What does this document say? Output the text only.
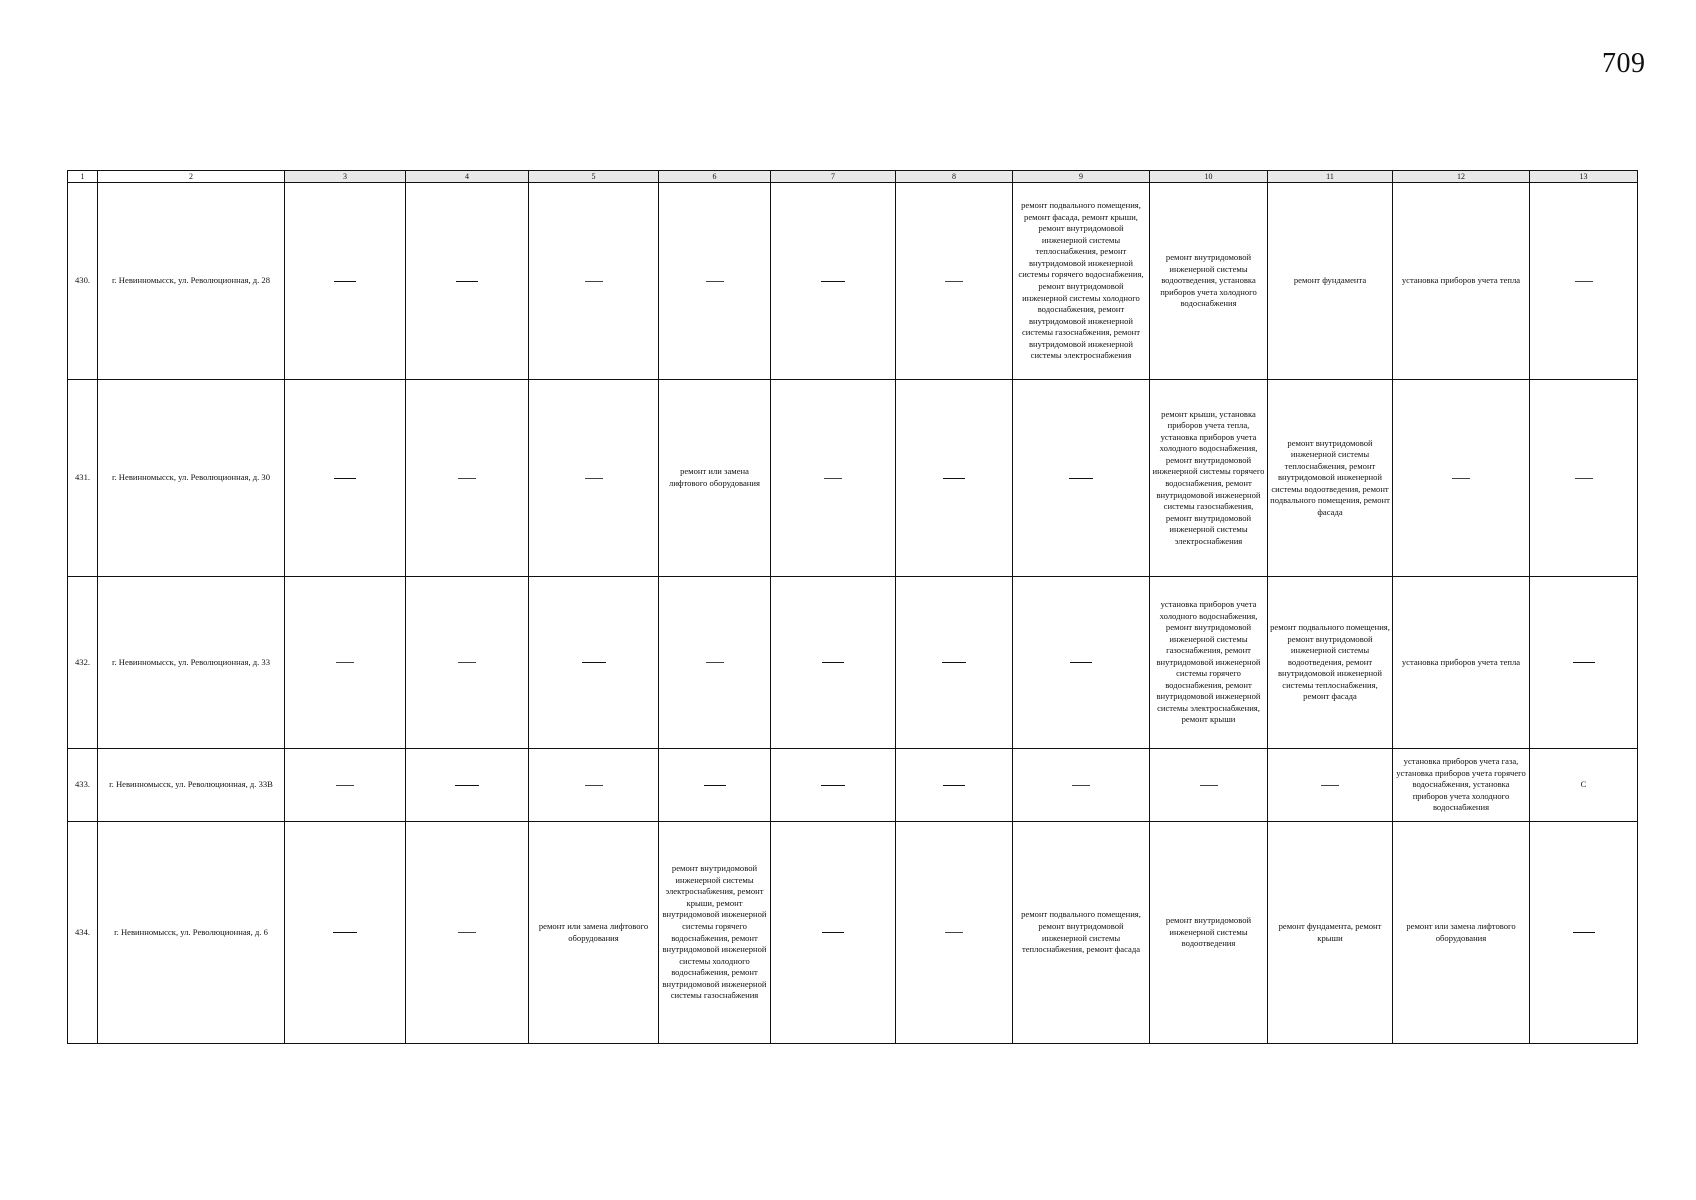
709
1	2	3	4	5	6	7	8	9	10	11	12	13
430.	г. Невинномысск, ул. Революционная, д. 28							ремонт подвального помещения, ремонт фасада, ремонт крыши, ремонт внутридомовой инженерной системы теплоснабжения, ремонт внутридомовой инженерной системы горячего водоснабжения, ремонт внутридомовой инженерной системы холодного водоснабжения, ремонт внутридомовой инженерной системы газоснабжения, ремонт внутридомовой инженерной системы электроснабжения	ремонт внутридомовой инженерной системы водоотведения, установка приборов учета холодного водоснабжения	ремонт фундамента	установка приборов учета тепла	
431.	г. Невинномысск, ул. Революционная, д. 30				ремонт или замена лифтового оборудования				ремонт крыши, установка приборов учета тепла, установка приборов учета холодного водоснабжения, ремонт внутридомовой инженерной системы горячего водоснабжения, ремонт внутридомовой инженерной системы газоснабжения, ремонт внутридомовой инженерной системы электроснабжения	ремонт внутридомовой инженерной системы теплоснабжения, ремонт внутридомовой инженерной системы водоотведения, ремонт подвального помещения, ремонт фасада		
432.	г. Невинномысск, ул. Революционная, д. 33								установка приборов учета холодного водоснабжения, ремонт внутридомовой инженерной системы газоснабжения, ремонт внутридомовой инженерной системы горячего водоснабжения, ремонт внутридомовой инженерной системы электроснабжения, ремонт крыши	ремонт подвального помещения, ремонт внутридомовой инженерной системы водоотведения, ремонт внутридомовой инженерной системы теплоснабжения, ремонт фасада	установка приборов учета тепла	
433.	г. Невинномысск, ул. Революционная, д. 33В										установка приборов учета газа, установка приборов учета горячего водоснабжения, установка приборов учета холодного водоснабжения	С
434.	г. Невинномысск, ул. Революционная, д. 6			ремонт или замена лифтового оборудования	ремонт внутридомовой инженерной системы электроснабжения, ремонт крыши, ремонт внутридомовой инженерной системы горячего водоснабжения, ремонт внутридомовой инженерной системы холодного водоснабжения, ремонт внутридомовой инженерной системы газоснабжения			ремонт подвального помещения, ремонт внутридомовой инженерной системы теплоснабжения, ремонт фасада	ремонт внутридомовой инженерной системы водоотведения	ремонт фундамента, ремонт крыши	ремонт или замена лифтового оборудования	
